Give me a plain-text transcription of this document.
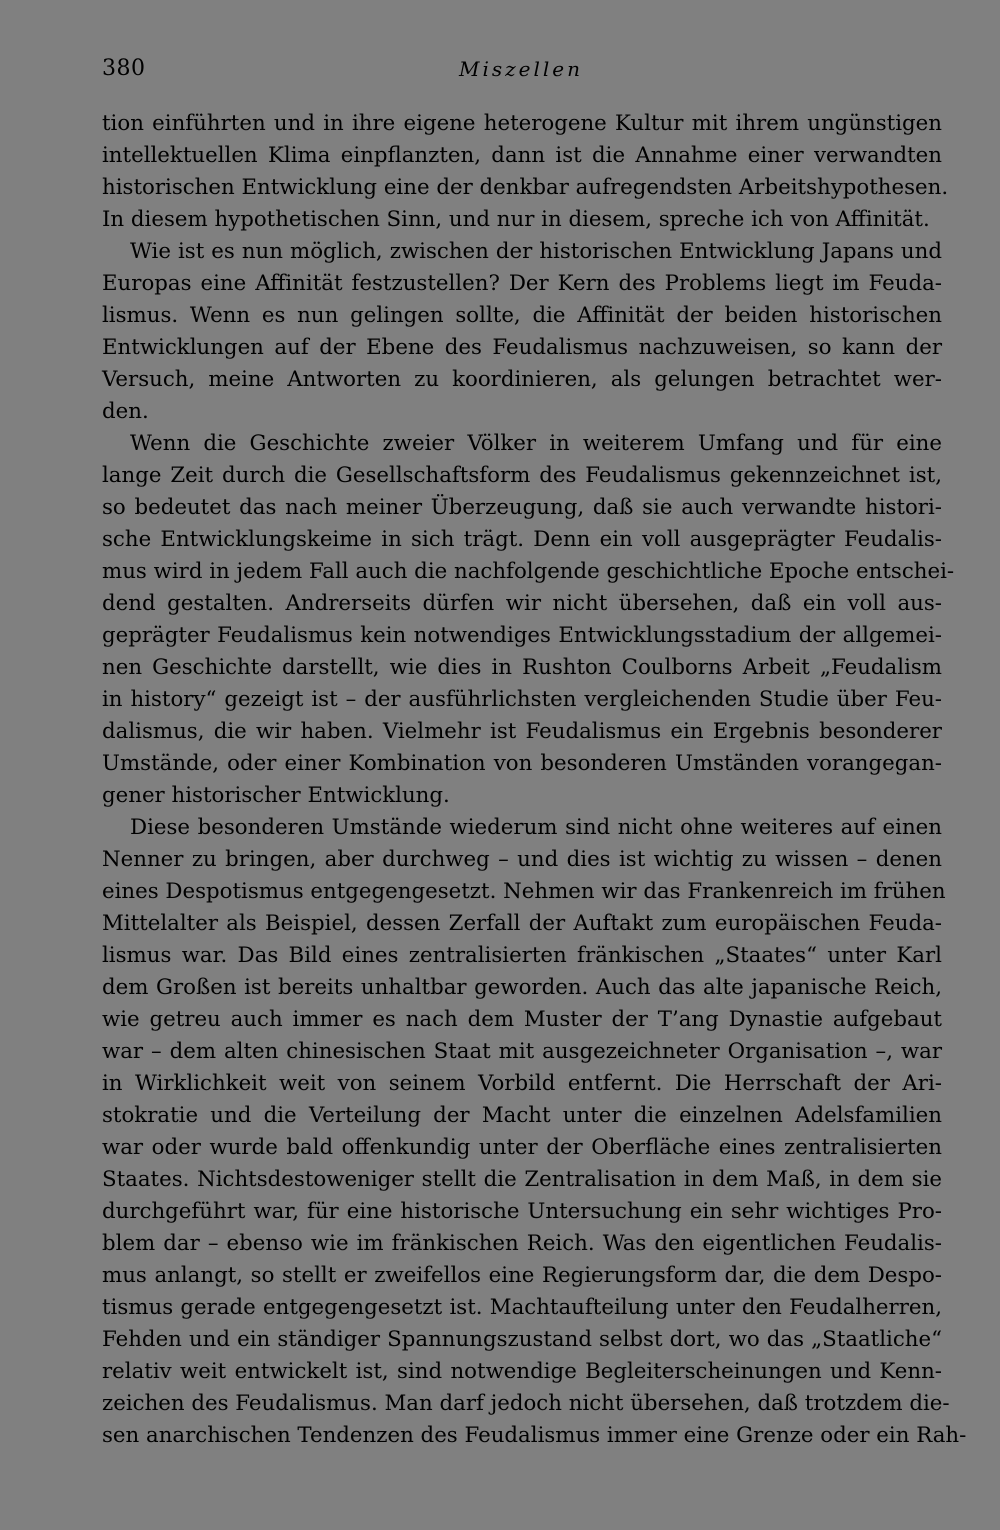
380	Miszellen
tion einführten und in ihre eigene heterogene Kultur mit ihrem ungünstigen
intellektuellen Klima einpflanzten, dann ist die Annahme einer verwandten
historischen Entwicklung eine der denkbar aufregendsten Arbeitshypothesen.
In diesem hypothetischen Sinn, und nur in diesem, spreche ich von Affinität.
Wie ist es nun möglich, zwischen der historischen Entwicklung Japans und
Europas eine Affinität festzustellen? Der Kern des Problems liegt im Feuda-
lismus. Wenn es nun gelingen sollte, die Affinität der beiden historischen
Entwicklungen auf der Ebene des Feudalismus nachzuweisen, so kann der
Versuch, meine Antworten zu koordinieren, als gelungen betrachtet wer-
den.
Wenn die Geschichte zweier Völker in weiterem Umfang und für eine
lange Zeit durch die Gesellschaftsform des Feudalismus gekennzeichnet ist,
so bedeutet das nach meiner Überzeugung, daß sie auch verwandte histori-
sche Entwicklungskeime in sich trägt. Denn ein voll ausgeprägter Feudalis-
mus wird in jedem Fall auch die nachfolgende geschichtliche Epoche entschei-
dend gestalten. Andrerseits dürfen wir nicht übersehen, daß ein voll aus-
geprägter Feudalismus kein notwendiges Entwicklungsstadium der allgemei-
nen Geschichte darstellt, wie dies in Rushton Coulborns Arbeit „Feudalism
in history“ gezeigt ist – der ausführlichsten vergleichenden Studie über Feu-
dalismus, die wir haben. Vielmehr ist Feudalismus ein Ergebnis besonderer
Umstände, oder einer Kombination von besonderen Umständen vorangegan-
gener historischer Entwicklung.
Diese besonderen Umstände wiederum sind nicht ohne weiteres auf einen
Nenner zu bringen, aber durchweg – und dies ist wichtig zu wissen – denen
eines Despotismus entgegengesetzt. Nehmen wir das Frankenreich im frühen
Mittelalter als Beispiel, dessen Zerfall der Auftakt zum europäischen Feuda-
lismus war. Das Bild eines zentralisierten fränkischen „Staates“ unter Karl
dem Großen ist bereits unhaltbar geworden. Auch das alte japanische Reich,
wie getreu auch immer es nach dem Muster der T’ang Dynastie aufgebaut
war – dem alten chinesischen Staat mit ausgezeichneter Organisation –, war
in Wirklichkeit weit von seinem Vorbild entfernt. Die Herrschaft der Ari-
stokratie und die Verteilung der Macht unter die einzelnen Adelsfamilien
war oder wurde bald offenkundig unter der Oberfläche eines zentralisierten
Staates. Nichtsdestoweniger stellt die Zentralisation in dem Maß, in dem sie
durchgeführt war, für eine historische Untersuchung ein sehr wichtiges Pro-
blem dar – ebenso wie im fränkischen Reich. Was den eigentlichen Feudalis-
mus anlangt, so stellt er zweifellos eine Regierungsform dar, die dem Despo-
tismus gerade entgegengesetzt ist. Machtaufteilung unter den Feudalherren,
Fehden und ein ständiger Spannungszustand selbst dort, wo das „Staatliche“
relativ weit entwickelt ist, sind notwendige Begleiterscheinungen und Kenn-
zeichen des Feudalismus. Man darf jedoch nicht übersehen, daß trotzdem die-
sen anarchischen Tendenzen des Feudalismus immer eine Grenze oder ein Rah-
